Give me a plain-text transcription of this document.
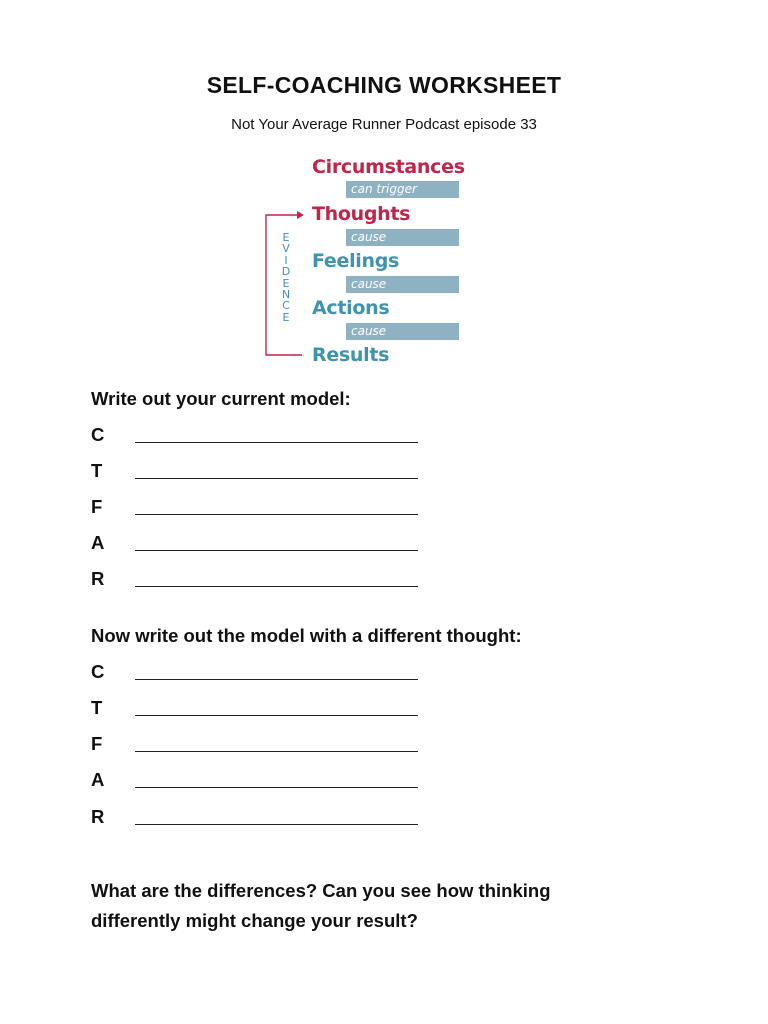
SELF-COACHING WORKSHEET
Not Your Average Runner Podcast episode 33
E
V
I
D
E
N
C
E
Circumstances
can trigger
Thoughts
cause
Feelings
cause
Actions
cause
Results
Write out your current model:
C
T
F
A
R
Now write out the model with a different thought:
C
T
F
A
R
What are the differences? Can you see how thinking
differently might change your result?
